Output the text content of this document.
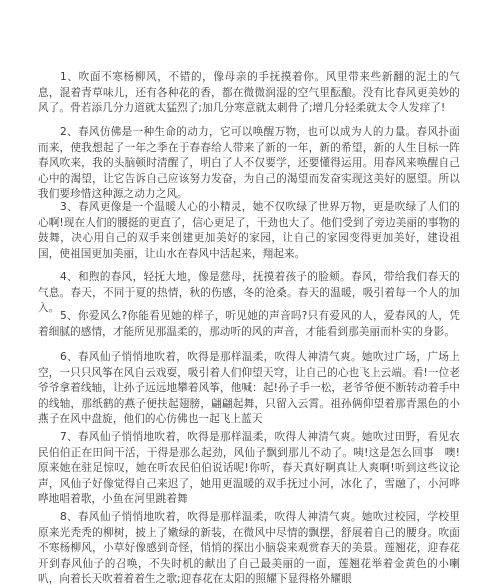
1、吹面不寒杨柳风，不错的，像母亲的手抚摸着你。风里带来些新翻的泥土的气息，混着青草味儿，还有各种花的香，都在微微润湿的空气里酝酿。没有比春风更美妙的风了。骨若添几分力道就太猛烈了;加几分寒意就太刺骨了;增几分轻柔就太令人发痒了!

2、春风仿佛是一种生命的动力，它可以唤醒万物，也可以成为人的力量。春风扑面而来，使我想起了一年之季在于春春给人带来了新的一年，新的希望，新的人生目标一阵春风吹来，我的头脑顿时清醒了，明白了人不仅要学，还要懂得运用。用春风来唤醒自己心中的渴望，让它告诉自己应该努力发奋，为自己的渴望而发奋实现这美好的愿望。所以我们要珍惜这种源之动力之风。

3、春风更像是一个温暖人心的小精灵，她不仅吹绿了世界万物，更是吹绿了人们的心啊!现在人们的腰挺的更直了，信心更足了，干劲也大了。他们受到了旁边美丽的事物的鼓舞，决心用自己的双手来创建更加美好的家园，让自己的家园变得更加美好，建设祖国，使祖国更加美丽，让山水在春风中活起来，翔起来。

4、和煦的春风，轻抚大地，像是慈母，抚摸着孩子的脸颊。春风，带给我们春天的气息。春天，不同于夏的热情，秋的伤感，冬的沧桑。春天的温暖，吸引着每一个人的加入。

5、你爱风么?你能看见她的样子，听见她的声音吗?只有爱风的人，爱春风的人，凭着细腻的感情，才能所见那温柔的，那动听的风的声音，才能看到那美丽而朴实的身影。

6、春风仙子悄悄地吹着，吹得是那样温柔，吹得人神清气爽。她吹过广场，广场上空，一只只风筝在风自云戏耍，吸引着人们仰望天穹，让自己的心也飞上云端。看!一位老爷爷拿着线轴，让孙子远远地攀着风筝，他喊：起!孙子手一松，老爷爷便不断转动着手中的线轴，那纸鹤的燕子便扶起翅膀，翩翩起舞，只留入云霄。祖孙俩仰望着那青黑色的小燕子在风中盘旋，他们的心仿佛也一起飞上蓝天

7、春风仙子悄悄地吹着，吹得是那样温柔，吹得人神清气爽。她吹过田野，看见农民伯伯正在田间干活，干得是那么起劲，风仙子飘到那儿不动了。咦!这是怎么回事　噢!原来她在驻足惊叹，她在听农民伯伯说话呢!你听，春天真好啊真让人爽啊!听到这些议论声，风仙子好像觉得自己来迟了，她用更温暖的双手抚过小河，冰化了，雪融了，小河哗哗地唱着歌，小鱼在河里跳着舞

8、春风仙子悄悄地吹着，吹得是那样温柔，吹得人神清气爽。她吹过校园，学校里原来光秃秃的柳树，披上了嫩绿的新装，在微风中尽情的飘摆，舒展着自己的腰身。吹面不寒杨柳风，小草好像感到奇怪，悄悄的探出小脑袋来观赏春天的美景。莲翘花，迎春花开到春风仙子的召唤，不失时机的献出了自己最美丽的一面，莲翘花举着金黄色的小喇叭，向着长天吹着着着生之歌;迎春花在太阳的照耀下显得格外耀眼
